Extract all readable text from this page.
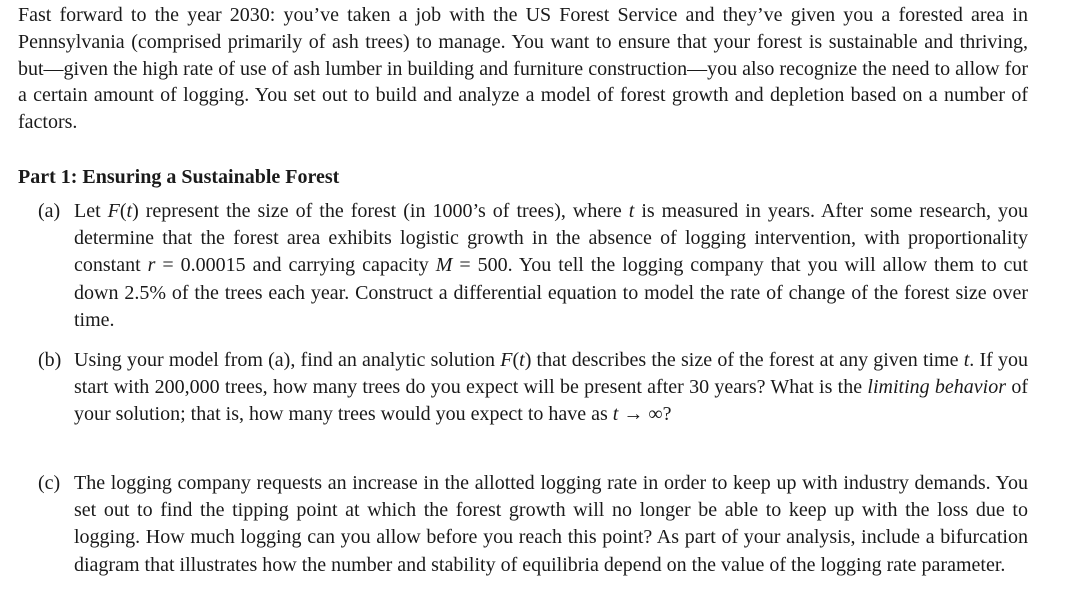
Fast forward to the year 2030: you’ve taken a job with the US Forest Service and they’ve given you a forested area in Pennsylvania (comprised primarily of ash trees) to manage. You want to ensure that your forest is sustainable and thriving, but—given the high rate of use of ash lumber in building and furniture construction—you also recognize the need to allow for a certain amount of logging. You set out to build and analyze a model of forest growth and depletion based on a number of factors.

Part 1: Ensuring a Sustainable Forest
(a) Let F(t) represent the size of the forest (in 1000’s of trees), where t is measured in years. After some research, you determine that the forest area exhibits logistic growth in the absence of logging intervention, with proportionality constant r = 0.00015 and carrying capacity M = 500. You tell the logging company that you will allow them to cut down 2.5% of the trees each year. Construct a differential equation to model the rate of change of the forest size over time.
(b) Using your model from (a), find an analytic solution F(t) that describes the size of the forest at any given time t. If you start with 200,000 trees, how many trees do you expect will be present after 30 years? What is the limiting behavior of your solution; that is, how many trees would you expect to have as t → ∞?
(c) The logging company requests an increase in the allotted logging rate in order to keep up with industry demands. You set out to find the tipping point at which the forest growth will no longer be able to keep up with the loss due to logging. How much logging can you allow before you reach this point? As part of your analysis, include a bifurcation diagram that illustrates how the number and stability of equilibria depend on the value of the logging rate parameter.
